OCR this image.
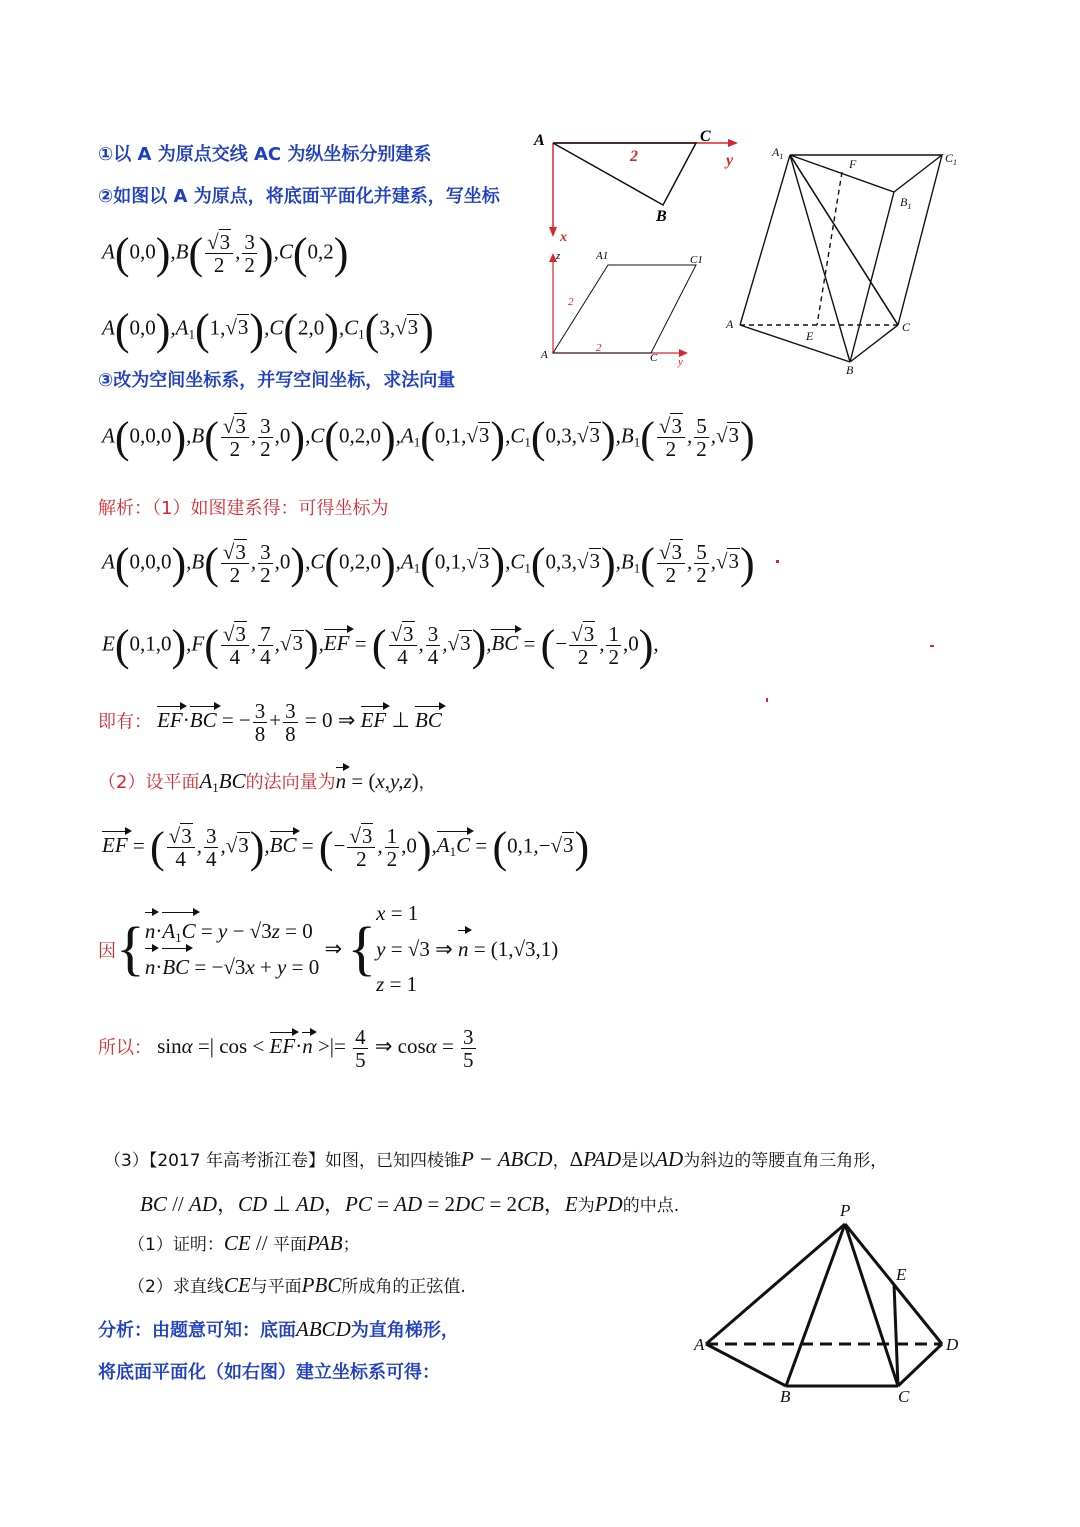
①以 A 为原点交线 AC 为纵坐标分别建系
②如图以 A 为原点，将底面平面化并建系，写坐标
$A(0,0),B( \frac{√3}{2}$ , $\frac{3}{2} ),C(0,2)$
$A(0,0),A_1(1,√3),C(2,0),C_1(3,√3)$
③改为空间坐标系，并写空间坐标，求法向量
$A(0,0,0),B( \frac{√3}{2}$ , $\frac{3}{2} ,0),C(0,2,0),A_1(0,1,√3),C_1(0,3,√3),B_1( \frac{√3}{2}$ , $\frac{5}{2} ,√3$)
解析：（1）如图建系得：可得坐标为
$A(0,0,0),B( \frac{√3}{2}$ , $\frac{3}{2} ,0),C(0,2,0),A_1(0,1,√3),C_1(0,3,√3),B_1( \frac{√3}{2}$ , $\frac{5}{2} ,√3$)
$E(0,1,0),F( \frac{√3}{4}$ , $\frac{7}{4} ,√3),EF$ = ( $\frac{√3}{4}$ , $\frac{3}{4} ,√3),BC$ = (− $\frac{√3}{2}$ , $\frac{1}{2} ,0$),
即有： EF·BC = − $\frac{3}{8} + \frac{3}{8} = 0$ ⇒ EF ⊥ BC
（2）设平面$A_1BC$的法向量为n = (x,y,z)，
EF = ( $\frac{√3}{4}$ , $\frac{3}{4} ,√3),BC$ = (− $\frac{√3}{2}$ , $\frac{1}{2} ,0),A_1C = (0,1,-√3)$
因{$n\cdot A_1C = y - √3z = 0$
n·BC = −√3x + y = 0 ⇒ {x = 1
y = √3 ⇒ n = (1,√3,1)
z = 1
所以： sinα =| cos < EF·n >|= $\frac{4}{5}$ ⇒ $\cos\alpha = \frac{3}{5}$
（3）【2017 年高考浙江卷】如图，已知四棱锥P − ABCD，ΔPAD是以AD为斜边的等腰直角三角形，
BC // AD，CD ⊥ AD，PC = AD = 2DC = 2CB，E为PD的中点.
（1）证明：CE // 平面PAB；
（2）求直线CE与平面PBC所成角的正弦值.
分析：由题意可知：底面ABCD为直角梯形，
将底面平面化（如右图）建立坐标系可得：
A	C
B
y
x
2
z	A1	C1
A	C y
2
2
$A_1$	$C_1$
$B_1$
F
A	C
E
B
P
E
A	D
B	C
